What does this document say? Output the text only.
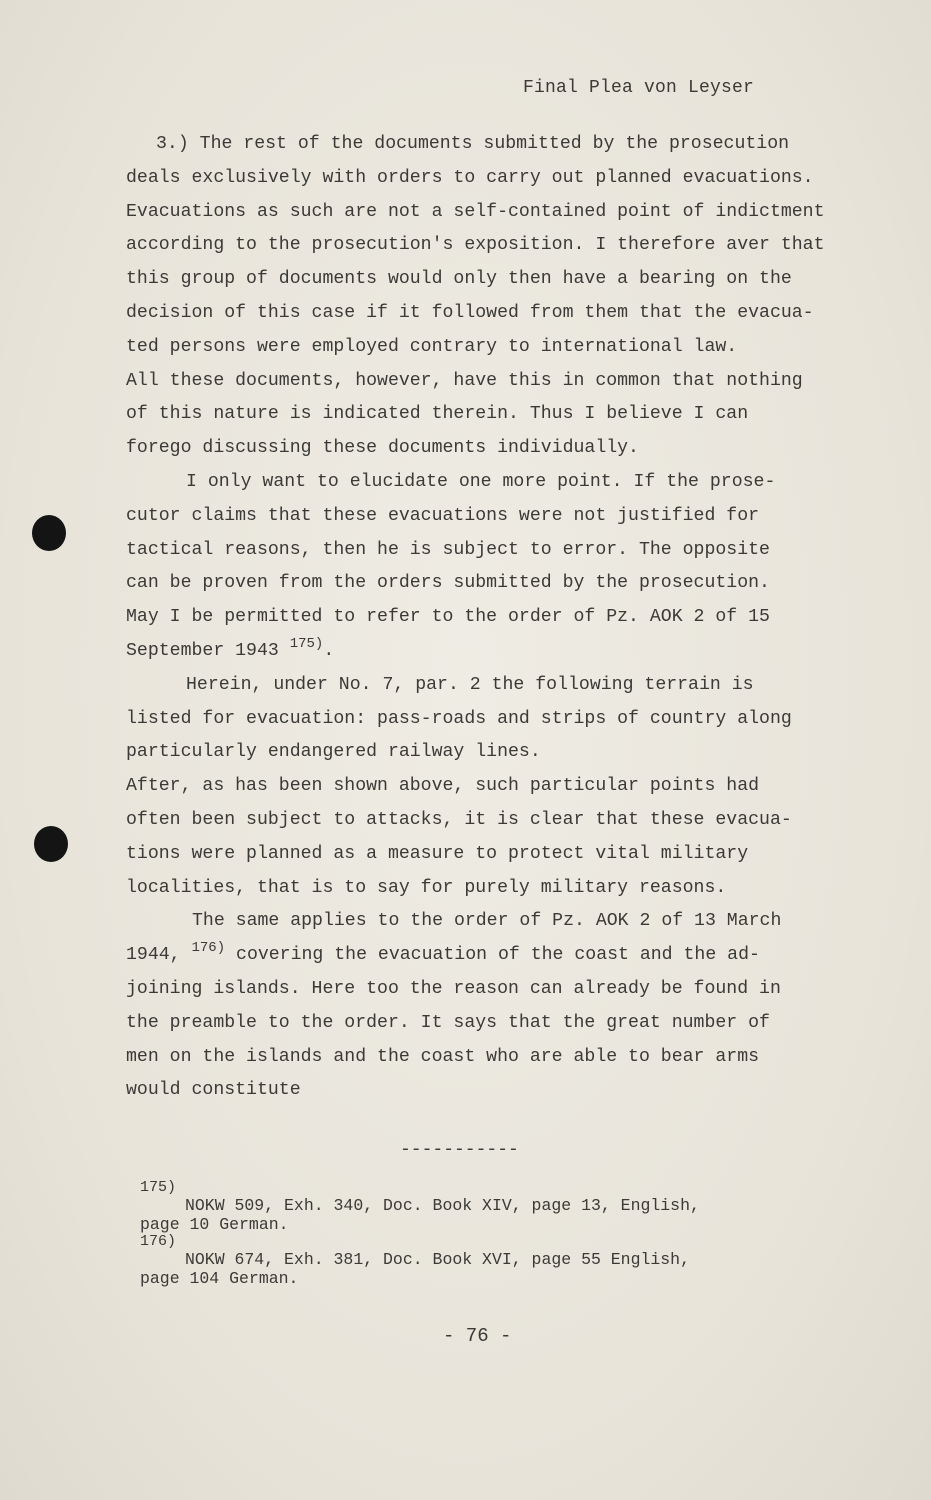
Final Plea von Leyser
3.) The rest of the documents submitted by the prosecution
deals exclusively with orders to carry out planned evacuations.
Evacuations as such are not a self-contained point of indictment
according to the prosecution's exposition. I therefore aver that
this group of documents would only then have a bearing on the
decision of this case if it followed from them that the evacua-
ted persons were employed contrary to international law.
All these documents, however, have this in common that nothing
of this nature is indicated therein. Thus I believe I can
forego discussing these documents individually.
I only want to elucidate one more point. If the prose-
cutor claims that these evacuations were not justified for
tactical reasons, then he is subject to error. The opposite
can be proven from the orders submitted by the prosecution.
May I be permitted to refer to the order of Pz. AOK 2 of 15
September 1943 $^{175)}$.
Herein, under No. 7, par. 2 the following terrain is
listed for evacuation: pass-roads and strips of country along
particularly endangered railway lines.
After, as has been shown above, such particular points had
often been subject to attacks, it is clear that these evacua-
tions were planned as a measure to protect vital military
localities, that is to say for purely military reasons.
The same applies to the order of Pz. AOK 2 of 13 March
1944, $^{176)}$ covering the evacuation of the coast and the ad-
joining islands. Here too the reason can already be found in
the preamble to the order. It says that the great number of
men on the islands and the coast who are able to bear arms
would constitute
-----------
175)
NOKW 509, Exh. 340, Doc. Book XIV, page 13, English,
page 10 German.
176)
NOKW 674, Exh. 381, Doc. Book XVI, page 55 English,
page 104 German.
- 76 -
